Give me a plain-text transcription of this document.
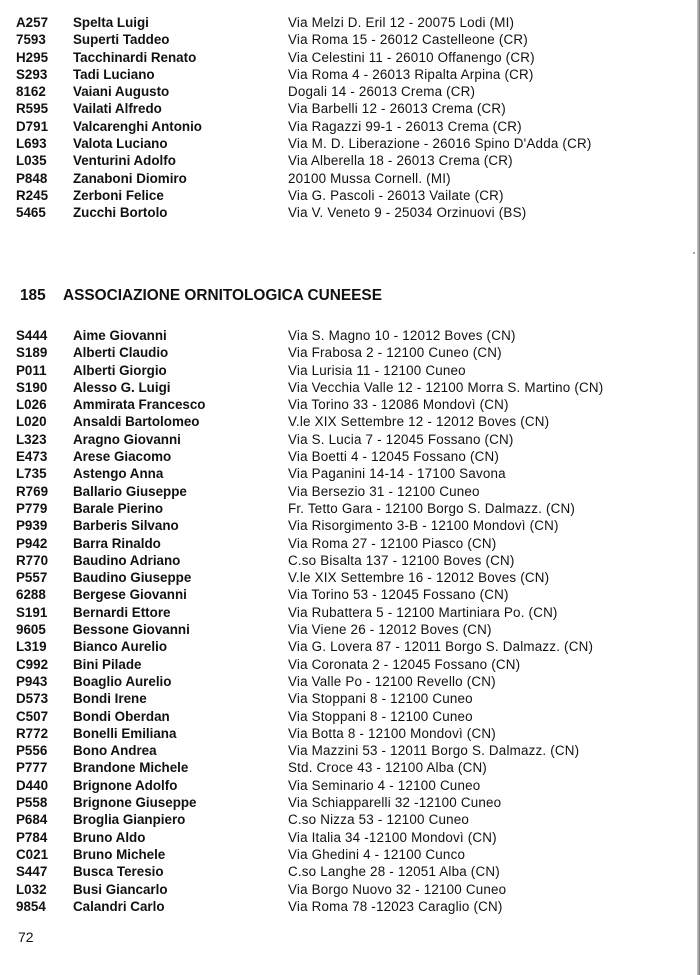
A257 Spelta Luigi	Via Melzi D. Eril 12 - 20075 Lodi (MI)
7593 Superti Taddeo	Via Roma 15 - 26012 Castelleone (CR)
H295 Tacchinardi Renato	Via Celestini 11 - 26010 Offanengo (CR)
S293 Tadi Luciano	Via Roma 4 - 26013 Ripalta Arpina (CR)
8162 Vaiani Augusto	Dogali 14 - 26013 Crema (CR)
R595 Vailati Alfredo	Via Barbelli 12 - 26013 Crema (CR)
D791 Valcarenghi Antonio	Via Ragazzi 99-1 - 26013 Crema (CR)
L693 Valota Luciano	Via M. D. Liberazione - 26016 Spino D'Adda (CR)
L035 Venturini Adolfo	Via Alberella 18 - 26013 Crema (CR)
P848 Zanaboni Diomiro	20100 Mussa Cornell. (MI)
R245 Zerboni Felice	Via G. Pascoli - 26013 Vailate (CR)
5465 Zucchi Bortolo	Via V. Veneto 9 - 25034 Orzinuovi (BS)
185 ASSOCIAZIONE ORNITOLOGICA CUNEESE
S444 Aime Giovanni	Via S. Magno 10 - 12012 Boves (CN)
S189 Alberti Claudio	Via Frabosa 2 - 12100 Cuneo (CN)
P011 Alberti Giorgio	Via Lurisia 11 - 12100 Cuneo
S190 Alesso G. Luigi	Via Vecchia Valle 12 - 12100 Morra S. Martino (CN)
L026 Ammirata Francesco	Via Torino 33 - 12086 Mondovì (CN)
L020 Ansaldi Bartolomeo	V.le XIX Settembre 12 - 12012 Boves (CN)
L323 Aragno Giovanni	Via S. Lucia 7 - 12045 Fossano (CN)
E473 Arese Giacomo	Via Boetti 4 - 12045 Fossano (CN)
L735 Astengo Anna	Via Paganini 14-14 - 17100 Savona
R769 Ballario Giuseppe	Via Bersezio 31 - 12100 Cuneo
P779 Barale Pierino	Fr. Tetto Gara - 12100 Borgo S. Dalmazz. (CN)
P939 Barberis Silvano	Via Risorgimento 3-B - 12100 Mondovì (CN)
P942 Barra Rinaldo	Via Roma 27 - 12100 Piasco (CN)
R770 Baudino Adriano	C.so Bisalta 137 - 12100 Boves (CN)
P557 Baudino Giuseppe	V.le XIX Settembre 16 - 12012 Boves (CN)
6288 Bergese Giovanni	Via Torino 53 - 12045 Fossano (CN)
S191 Bernardi Ettore	Via Rubattera 5 - 12100 Martiniara Po. (CN)
9605 Bessone Giovanni	Via Viene 26 - 12012 Boves (CN)
L319 Bianco Aurelio	Via G. Lovera 87 - 12011 Borgo S. Dalmazz. (CN)
C992 Bini Pilade	Via Coronata 2 - 12045 Fossano (CN)
P943 Boaglio Aurelio	Via Valle Po - 12100 Revello (CN)
D573 Bondi Irene	Via Stoppani 8 - 12100 Cuneo
C507 Bondi Oberdan	Via Stoppani 8 - 12100 Cuneo
R772 Bonelli Emiliana	Via Botta 8 - 12100 Mondovì (CN)
P556 Bono Andrea	Via Mazzini 53 - 12011 Borgo S. Dalmazz. (CN)
P777 Brandone Michele	Std. Croce 43 - 12100 Alba (CN)
D440 Brignone Adolfo	Via Seminario 4 - 12100 Cuneo
P558 Brignone Giuseppe	Via Schiapparelli 32 -12100 Cuneo
P684 Broglia Gianpiero	C.so Nizza 53 - 12100 Cuneo
P784 Bruno Aldo	Via Italia 34 -12100 Mondovì (CN)
C021 Bruno Michele	Via Ghedini 4 - 12100 Cunco
S447 Busca Teresio	C.so Langhe 28 - 12051 Alba (CN)
L032 Busi Giancarlo	Via Borgo Nuovo 32 - 12100 Cuneo
9854 Calandri Carlo	Via Roma 78 -12023 Caraglio (CN)
72
